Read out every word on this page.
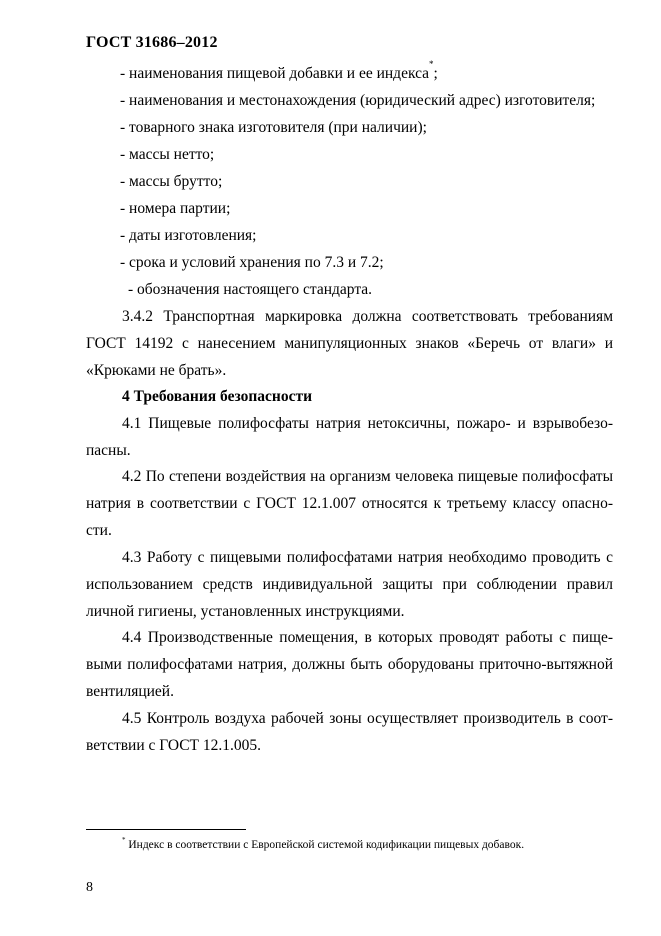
ГОСТ 31686–2012
- наименования пищевой добавки и ее индекса*;
- наименования и местонахождения (юридический адрес) изготовителя;
- товарного знака изготовителя (при наличии);
- массы нетто;
- массы брутто;
- номера партии;
- даты изготовления;
- срока и условий хранения по 7.3 и 7.2;
- обозначения настоящего стандарта.

3.4.2 Транспортная маркировка должна соответствовать требованиям ГОСТ 14192 с нанесением манипуляционных знаков «Беречь от влаги» и «Крюками не брать».

4 Требования безопасности

4.1 Пищевые полифосфаты натрия нетоксичны, пожаро- и взрывобезопасны.

4.2 По степени воздействия на организм человека пищевые полифосфаты натрия в соответствии с ГОСТ 12.1.007 относятся к третьему классу опасности.

4.3 Работу с пищевыми полифосфатами натрия необходимо проводить с использованием средств индивидуальной защиты при соблюдении правил личной гигиены, установленных инструкциями.

4.4 Производственные помещения, в которых проводят работы с пищевыми полифосфатами натрия, должны быть оборудованы приточно-вытяжной вентиляцией.

4.5 Контроль воздуха рабочей зоны осуществляет производитель в соответствии с ГОСТ 12.1.005.

* Индекс в соответствии с Европейской системой кодификации пищевых добавок.
8
